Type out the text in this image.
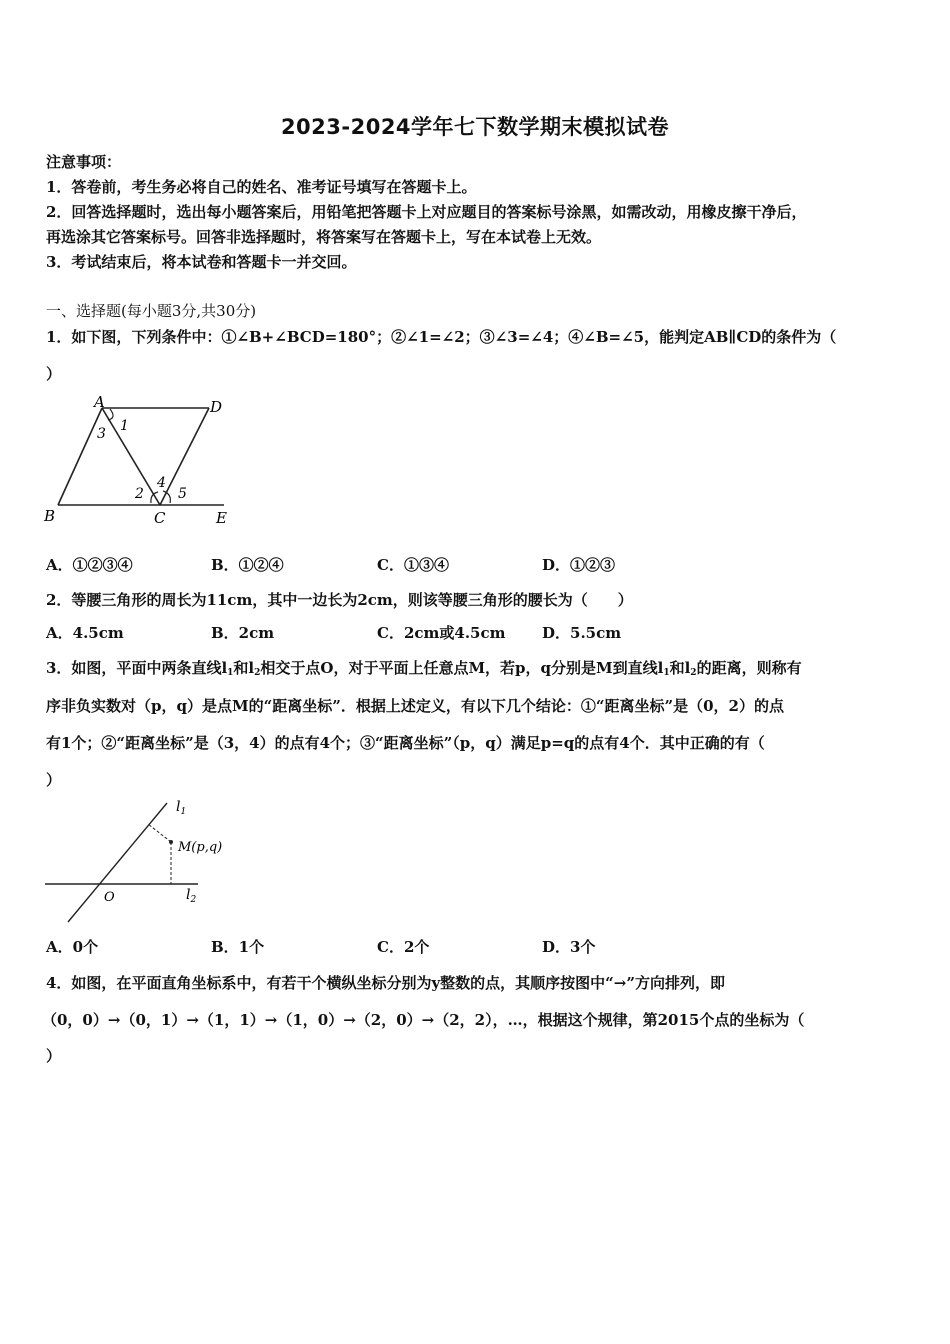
2023-2024学年七下数学期末模拟试卷
注意事项：
1．答卷前，考生务必将自己的姓名、准考证号填写在答题卡上。
2．回答选择题时，选出每小题答案后，用铅笔把答题卡上对应题目的答案标号涂黑，如需改动，用橡皮擦干净后，
再选涂其它答案标号。回答非选择题时，将答案写在答题卡上，写在本试卷上无效。
3．考试结束后，将本试卷和答题卡一并交回。
一、选择题(每小题3分,共30分)
1．如下图，下列条件中：①∠B+∠BCD=180°；②∠1=∠2；③∠3=∠4；④∠B=∠5，能判定AB∥CD的条件为（
）
A	D
B	C	E
1
2
3
4
5
A．①②③④	B．①②④	C．①③④	D．①②③
2．等腰三角形的周长为11cm，其中一边长为2cm，则该等腰三角形的腰长为（　　）
A．4.5cm	B．2cm	C．2cm或4.5cm D．5.5cm
3．如图，平面中两条直线$l_1$和$l_2$相交于点O，对于平面上任意点M，若p，q分别是M到直线$l_1$和$l_2$的距离，则称有
序非负实数对（p，q）是点M的“距离坐标”．根据上述定义，有以下几个结论：①“距离坐标”是（0，2）的点
有1个；②“距离坐标”是（3，4）的点有4个；③“距离坐标”（p，q）满足p=q的点有4个．其中正确的有（
）
$l_1$
$l_2$
O
M(p,q)
A．0个	B．1个	C．2个	D．3个
4．如图，在平面直角坐标系中，有若干个横纵坐标分别为y整数的点，其顺序按图中“→”方向排列，即
（0，0）→（0，1）→（1，1）→（1，0）→（2，0）→（2，2），…，根据这个规律，第2015个点的坐标为（
）
